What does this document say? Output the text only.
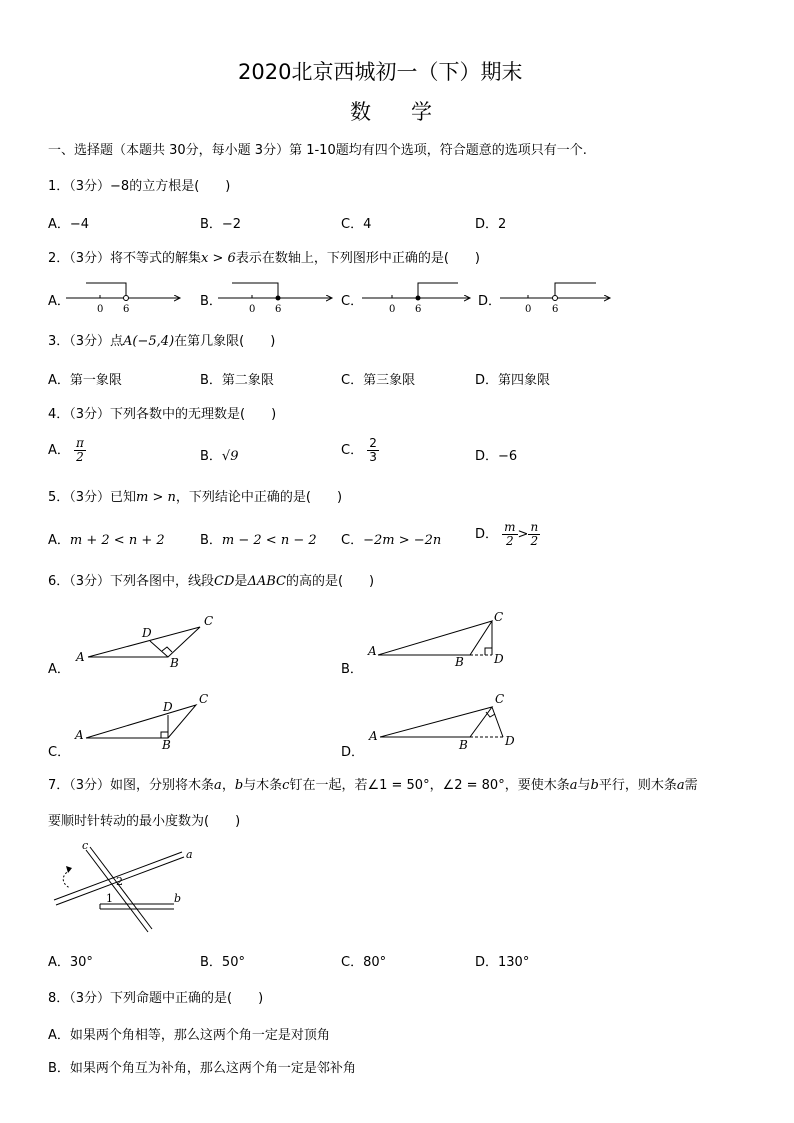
2020北京西城初一（下）期末
数学
一、选择题（本题共 30分，每小题 3分）第 1-10题均有四个选项，符合题意的选项只有一个.
1．（3分）−8的立方根是(　　)
A．−4	B．−2	C．4	D．2
2．（3分）将不等式的解集x > 6表示在数轴上，下列图形中正确的是(　　)
A．	B．	C．	D．
0 6	0 6	0 6	0 6
3．（3分）点A(−5,4)在第几象限(　　)
A．第一象限	B．第二象限	C．第三象限	D．第四象限
4．（3分）下列各数中的无理数是(　　)
A． $\frac{\pi}{2}$	B．√9	C． $\frac{2}{3}$	D．−6
5．（3分）已知m > n，下列结论中正确的是(　　)
A．m + 2 < n + 2	B．m − 2 < n − 2 C．−2m > −2n	D． $\frac{m}{2} > \frac{n}{2}$
6．（3分）下列各图中，线段CD是ΔABC的高的是(　　)
A．	B．
C．	D．
A	B
C
D
A
B
C
D
A
B
C
D
A
B
C
D
7．（3分）如图，分别将木条a，b与木条c钉在一起，若∠1 = 50°，∠2 = 80°，要使木条a与b平行，则木条a需
要顺时针转动的最小度数为(　　)
c
a
b
2
1
A．30°	B．50°	C．80°	D．130°
8．（3分）下列命题中正确的是(　　)
A．如果两个角相等，那么这两个角一定是对顶角
B．如果两个角互为补角，那么这两个角一定是邻补角
